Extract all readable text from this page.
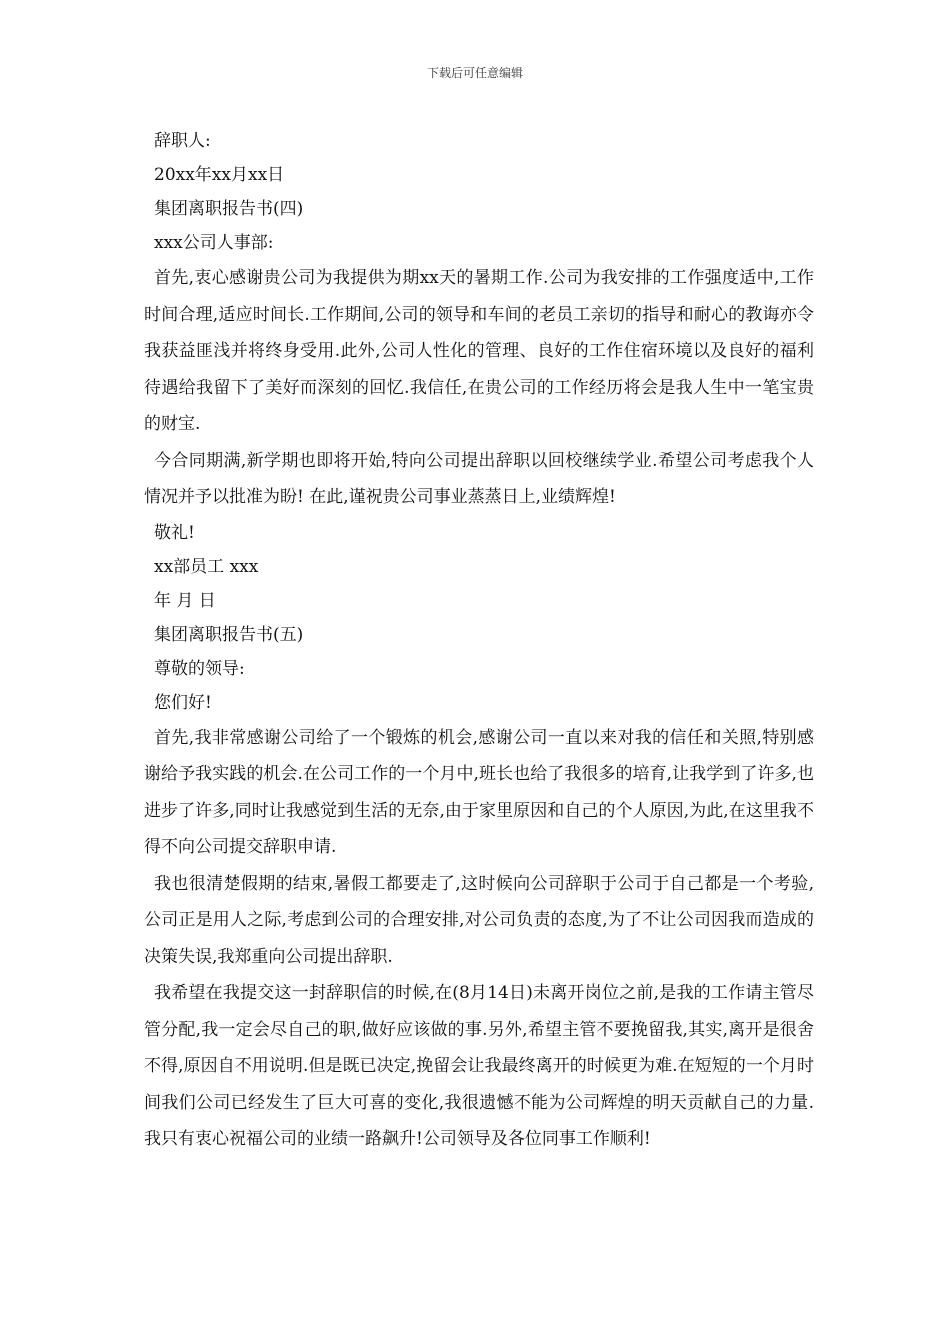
下载后可任意编辑
辞职人:
20xx年xx月xx日
集团离职报告书(四)
xxx公司人事部:

首先,衷心感谢贵公司为我提供为期xx天的暑期工作.公司为我安排的工作强度适中,工作时间合理,适应时间长.工作期间,公司的领导和车间的老员工亲切的指导和耐心的教诲亦令我获益匪浅并将终身受用.此外,公司人性化的管理、良好的工作住宿环境以及良好的福利待遇给我留下了美好而深刻的回忆.我信任,在贵公司的工作经历将会是我人生中一笔宝贵的财宝.

今合同期满,新学期也即将开始,特向公司提出辞职以回校继续学业.希望公司考虑我个人情况并予以批准为盼! 在此,谨祝贵公司事业蒸蒸日上,业绩辉煌!

敬礼!
xx部员工 xxx
年 月 日
集团离职报告书(五)
尊敬的领导:
您们好!

首先,我非常感谢公司给了一个锻炼的机会,感谢公司一直以来对我的信任和关照,特别感谢给予我实践的机会.在公司工作的一个月中,班长也给了我很多的培育,让我学到了许多,也进步了许多,同时让我感觉到生活的无奈,由于家里原因和自己的个人原因,为此,在这里我不得不向公司提交辞职申请.

我也很清楚假期的结束,暑假工都要走了,这时候向公司辞职于公司于自己都是一个考验,公司正是用人之际,考虑到公司的合理安排,对公司负责的态度,为了不让公司因我而造成的决策失误,我郑重向公司提出辞职.

我希望在我提交这一封辞职信的时候,在(8月14日)未离开岗位之前,是我的工作请主管尽管分配,我一定会尽自己的职,做好应该做的事.另外,希望主管不要挽留我,其实,离开是很舍不得,原因自不用说明.但是既已决定,挽留会让我最终离开的时候更为难.在短短的一个月时间我们公司已经发生了巨大可喜的变化,我很遗憾不能为公司辉煌的明天贡献自己的力量.我只有衷心祝福公司的业绩一路飙升!公司领导及各位同事工作顺利!
